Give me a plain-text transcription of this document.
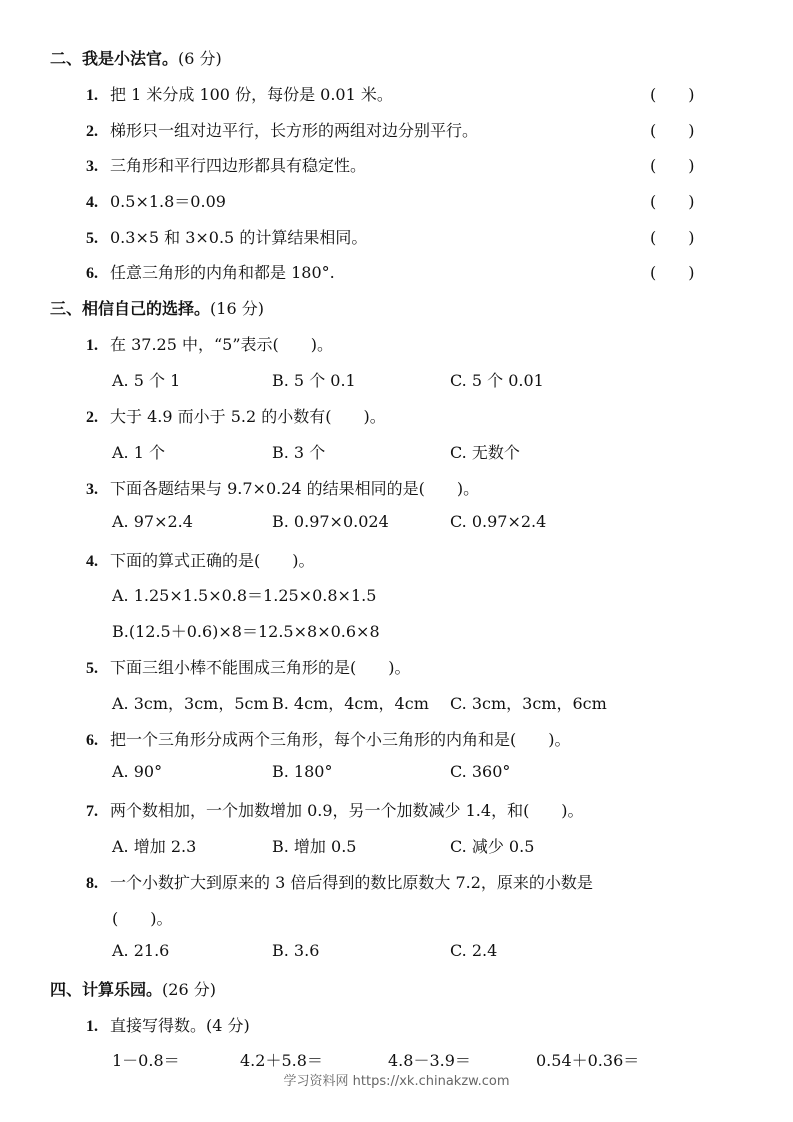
二、我是小法官。(6 分)
1. 把 1 米分成 100 份，每份是 0.01 米。	(　　)
2. 梯形只一组对边平行，长方形的两组对边分别平行。	(　　)
3. 三角形和平行四边形都具有稳定性。	(　　)
4. 0.5×1.8＝0.09	(　　)
5. 0.3×5 和 3×0.5 的计算结果相同。	(　　)
6. 任意三角形的内角和都是 180°.	(　　)
三、相信自己的选择。(16 分)
1. 在 37.25 中，“5”表示(　　)。
A. 5 个 1	B. 5 个 0.1	C. 5 个 0.01
2. 大于 4.9 而小于 5.2 的小数有(　　)。
A. 1 个	B. 3 个	C. 无数个
3. 下面各题结果与 9.7×0.24 的结果相同的是(　　)。
A. 97×2.4	B. 0.97×0.024	C. 0.97×2.4
4. 下面的算式正确的是(　　)。
A. 1.25×1.5×0.8＝1.25×0.8×1.5
B.(12.5＋0.6)×8＝12.5×8×0.6×8
5. 下面三组小棒不能围成三角形的是(　　)。
A. 3cm，3cm，5cm B. 4cm，4cm，4cm C. 3cm，3cm，6cm
6. 把一个三角形分成两个三角形，每个小三角形的内角和是(　　)。
A. 90°	B. 180°	C. 360°
7. 两个数相加，一个加数增加 0.9，另一个加数减少 1.4，和(　　)。
A. 增加 2.3	B. 增加 0.5	C. 减少 0.5
8. 一个小数扩大到原来的 3 倍后得到的数比原数大 7.2，原来的小数是
(　　)。
A. 21.6	B. 3.6	C. 2.4
四、计算乐园。(26 分)
1. 直接写得数。(4 分)
1－0.8＝	4.2＋5.8＝	4.8－3.9＝	0.54＋0.36＝
学习资料网 https://xk.chinakzw.com
